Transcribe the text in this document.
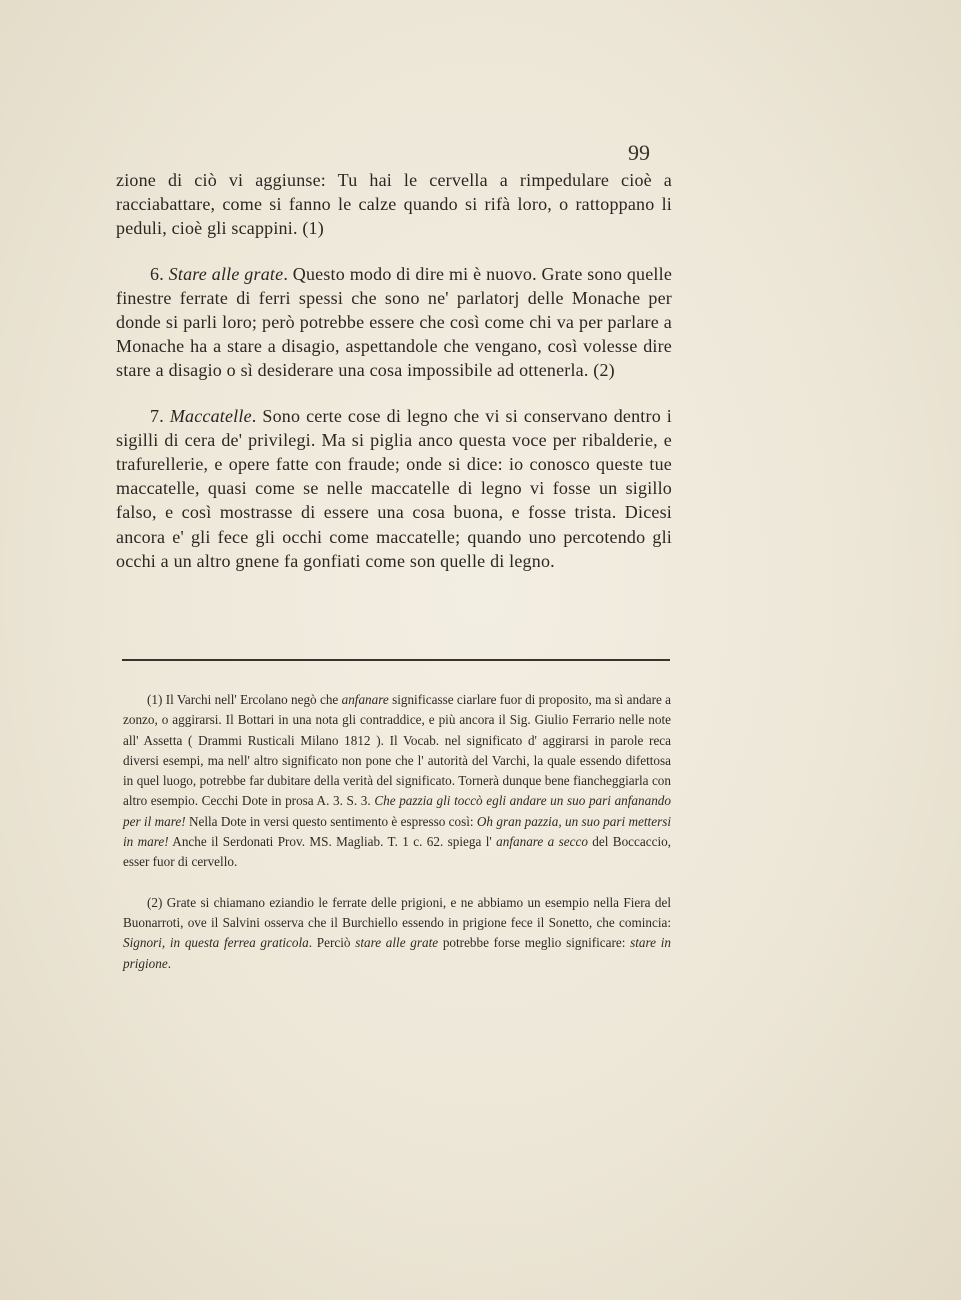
99

zione di ciò vi aggiunse: Tu hai le cervella a rimpedulare cioè a racciabattare, come si fanno le calze quando si rifà loro, o rattoppano li peduli, cioè gli scappini. (1)

6. Stare alle grate. Questo modo di dire mi è nuovo. Grate sono quelle finestre ferrate di ferri spessi che sono ne' parlatorj delle Monache per donde si parli loro; però potrebbe essere che così come chi va per parlare a Monache ha a stare a disagio, aspettandole che vengano, così volesse dire stare a disagio o sì desiderare una cosa impossibile ad ottenerla. (2)

7. Maccatelle. Sono certe cose di legno che vi si conservano dentro i sigilli di cera de' privilegi. Ma si piglia anco questa voce per ribalderie, e trafurellerie, e opere fatte con fraude; onde si dice: io conosco queste tue maccatelle, quasi come se nelle maccatelle di legno vi fosse un sigillo falso, e così mostrasse di essere una cosa buona, e fosse trista. Dicesi ancora e' gli fece gli occhi come maccatelle; quando uno percotendo gli occhi a un altro gnene fa gonfiati come son quelle di legno.

(1) Il Varchi nell' Ercolano negò che anfanare significasse ciarlare fuor di proposito, ma sì andare a zonzo, o aggirarsi. Il Bottari in una nota gli contraddice, e più ancora il Sig. Giulio Ferrario nelle note all' Assetta ( Drammi Rusticali Milano 1812 ). Il Vocab. nel significato d' aggirarsi in parole reca diversi esempi, ma nell' altro significato non pone che l' autorità del Varchi, la quale essendo difettosa in quel luogo, potrebbe far dubitare della verità del significato. Tornerà dunque bene fiancheggiarla con altro esempio. Cecchi Dote in prosa A. 3. S. 3. Che pazzia gli toccò egli andare un suo pari anfanando per il mare! Nella Dote in versi questo sentimento è espresso così: Oh gran pazzia, un suo pari mettersi in mare! Anche il Serdonati Prov. MS. Magliab. T. 1 c. 62. spiega l' anfanare a secco del Boccaccio, esser fuor di cervello.

(2) Grate si chiamano eziandio le ferrate delle prigioni, e ne abbiamo un esempio nella Fiera del Buonarroti, ove il Salvini osserva che il Burchiello essendo in prigione fece il Sonetto, che comincia: Signori, in questa ferrea graticola. Perciò stare alle grate potrebbe forse meglio significare: stare in prigione.
